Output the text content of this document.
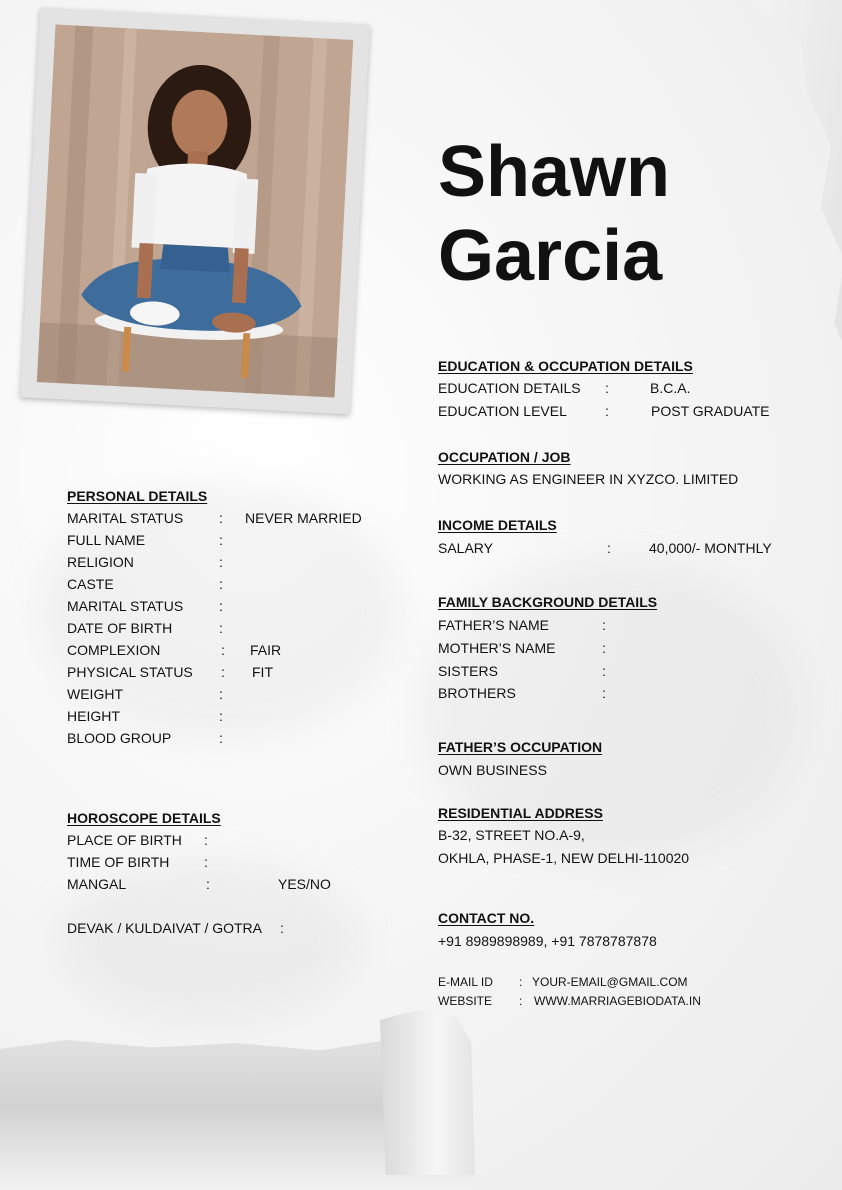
Shawn
Garcia
PERSONAL DETAILS
MARITAL STATUS	: NEVER MARRIED
FULL NAME	:
RELIGION	:
CASTE	:
MARITAL STATUS	:
DATE OF BIRTH	:
COMPLEXION	: FAIR
PHYSICAL STATUS : FIT
WEIGHT	:
HEIGHT	:
BLOOD GROUP	:
HOROSCOPE DETAILS
PLACE OF BIRTH :
TIME OF BIRTH :
MANGAL	:	YES/NO
DEVAK / KULDAIVAT / GOTRA :
EDUCATION & OCCUPATION DETAILS
EDUCATION DETAILS :	B.C.A.
EDUCATION LEVEL	:	POST GRADUATE
OCCUPATION / JOB
WORKING AS ENGINEER IN XYZCO. LIMITED
INCOME DETAILS
SALARY	:	40,000/- MONTHLY
FAMILY BACKGROUND DETAILS
FATHER’S NAME	:
MOTHER’S NAME	:
SISTERS	:
BROTHERS	:
FATHER’S OCCUPATION
OWN BUSINESS
RESIDENTIAL ADDRESS
B-32, STREET NO.A-9,
OKHLA, PHASE-1, NEW DELHI-110020
CONTACT NO.
+91 8989898989, +91 7878787878
E-MAIL ID : YOUR-EMAIL@GMAIL.COM
WEBSITE : WWW.MARRIAGEBIODATA.IN
